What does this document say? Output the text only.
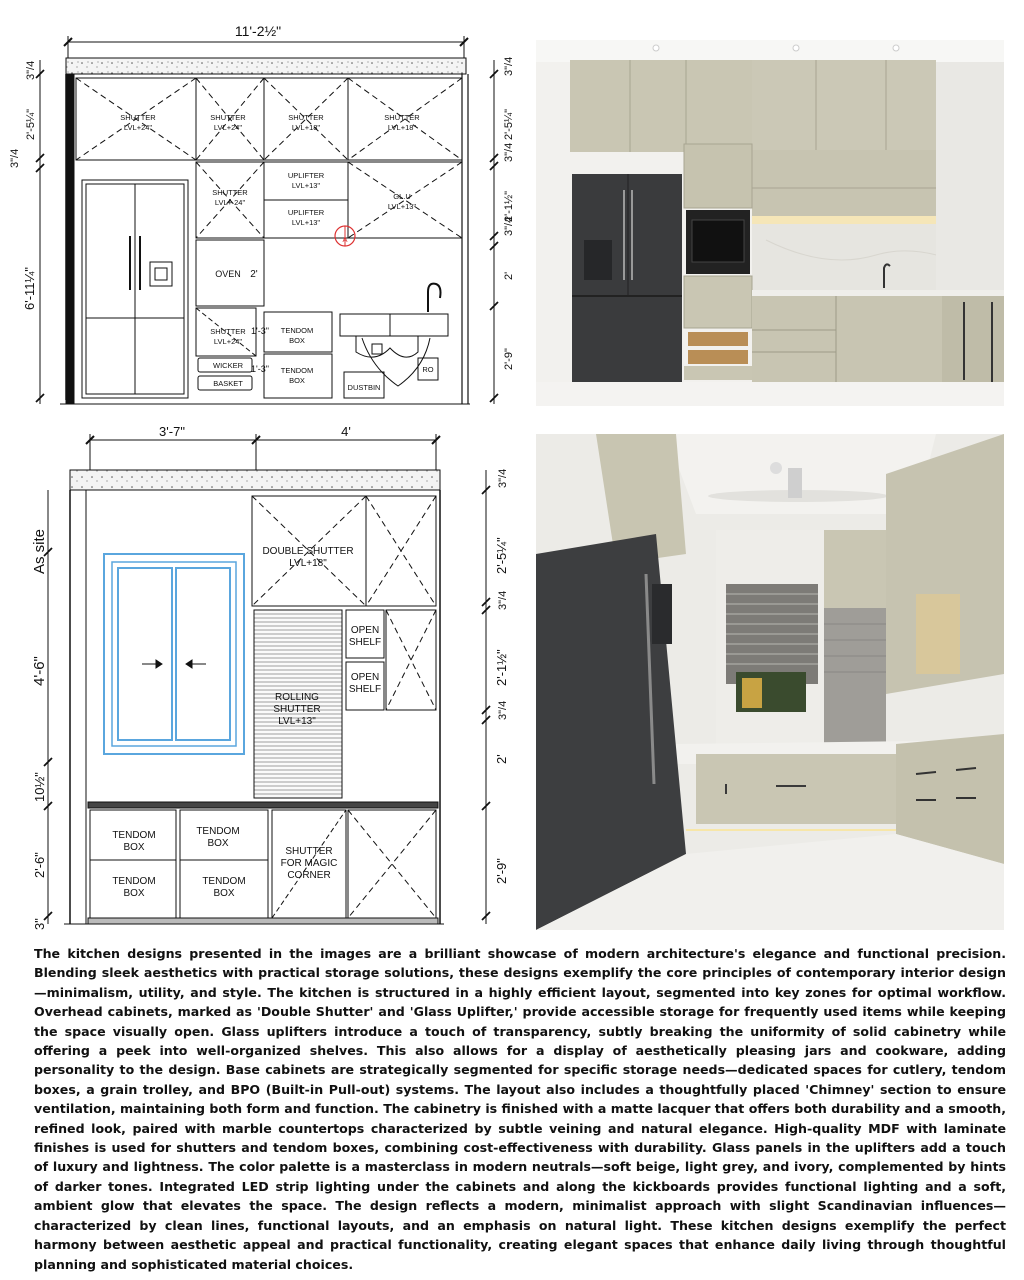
11'-2½"
SHUTTER
LVL+24"
SHUTTER
LVL+24"
SHUTTER
LVL+18"
SHUTTER
LVL+18"
SHUTTER
LVL+ 24"
UPLIFTER
LVL+13"
UPLIFTER
LVL+13"
GL.U
LVL+13"
OVEN 2'
SHUTTER
LVL+24"
1'-3"
WICKER
BASKET
1'-3"
TENDOM
BOX
TENDOM
BOX
DUSTBIN
RO
A
3"/4
2'-5¼"
3"/4
2'-1½"
3"/4
2'
2'-9"
3"/4
2'-5¼"
3"/4
6'-11¼"
3'-7"	4'
DOUBLE SHUTTER
LVL+18"
OPEN
SHELF
OPEN
SHELF
ROLLING
SHUTTER
LVL+13"
TENDOM
BOX
TENDOM
BOX
TENDOM
BOX
TENDOM
BOX
SHUTTER
FOR MAGIC
CORNER
As site
4'-6"
10½"
2'-6"
3"
3"/4
2'-5¼"
3"/4
2'-1½"
3"/4
2'
2'-9"

The kitchen designs presented in the images are a brilliant showcase of modern architecture's elegance and functional precision. Blending sleek aesthetics with practical storage solutions, these designs exemplify the core principles of contemporary interior design—minimalism, utility, and style. The kitchen is structured in a highly efficient layout, segmented into key zones for optimal workflow. Overhead cabinets, marked as 'Double Shutter' and 'Glass Uplifter,' provide accessible storage for frequently used items while keeping the space visually open. Glass uplifters introduce a touch of transparency, subtly breaking the uniformity of solid cabinetry while offering a peek into well-organized shelves. This also allows for a display of aesthetically pleasing jars and cookware, adding personality to the design. Base cabinets are strategically segmented for specific storage needs—dedicated spaces for cutlery, tendom boxes, a grain trolley, and BPO (Built-in Pull-out) systems. The layout also includes a thoughtfully placed 'Chimney' section to ensure ventilation, maintaining both form and function. The cabinetry is finished with a matte lacquer that offers both durability and a smooth, refined look, paired with marble countertops characterized by subtle veining and natural elegance. High-quality MDF with laminate finishes is used for shutters and tendom boxes, combining cost-effectiveness with durability. Glass panels in the uplifters add a touch of luxury and lightness. The color palette is a masterclass in modern neutrals—soft beige, light grey, and ivory, complemented by hints of darker tones. Integrated LED strip lighting under the cabinets and along the kickboards provides functional lighting and a soft, ambient glow that elevates the space. The design reflects a modern, minimalist approach with slight Scandinavian influences—characterized by clean lines, functional layouts, and an emphasis on natural light. These kitchen designs exemplify the perfect harmony between aesthetic appeal and practical functionality, creating elegant spaces that enhance daily living through thoughtful planning and sophisticated material choices.
